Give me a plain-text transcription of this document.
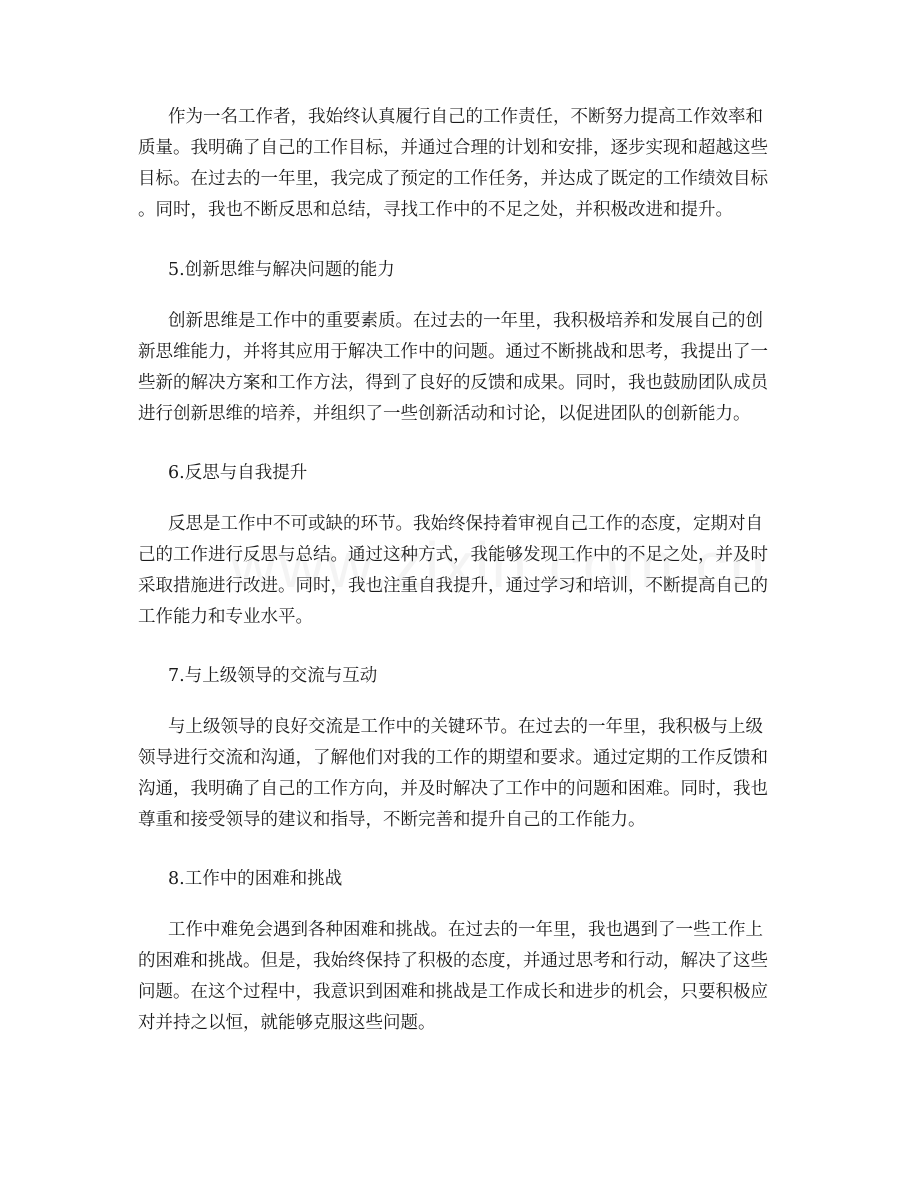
作为一名工作者，我始终认真履行自己的工作责任，不断努力提高工作效率和
质量。我明确了自己的工作目标，并通过合理的计划和安排，逐步实现和超越这些
目标。在过去的一年里，我完成了预定的工作任务，并达成了既定的工作绩效目标
。同时，我也不断反思和总结，寻找工作中的不足之处，并积极改进和提升。
5.创新思维与解决问题的能力
创新思维是工作中的重要素质。在过去的一年里，我积极培养和发展自己的创
新思维能力，并将其应用于解决工作中的问题。通过不断挑战和思考，我提出了一
些新的解决方案和工作方法，得到了良好的反馈和成果。同时，我也鼓励团队成员
进行创新思维的培养，并组织了一些创新活动和讨论，以促进团队的创新能力。
6.反思与自我提升
反思是工作中不可或缺的环节。我始终保持着审视自己工作的态度，定期对自
己的工作进行反思与总结。通过这种方式，我能够发现工作中的不足之处，并及时
采取措施进行改进。同时，我也注重自我提升，通过学习和培训，不断提高自己的
工作能力和专业水平。
7.与上级领导的交流与互动
与上级领导的良好交流是工作中的关键环节。在过去的一年里，我积极与上级
领导进行交流和沟通，了解他们对我的工作的期望和要求。通过定期的工作反馈和
沟通，我明确了自己的工作方向，并及时解决了工作中的问题和困难。同时，我也
尊重和接受领导的建议和指导，不断完善和提升自己的工作能力。
8.工作中的困难和挑战
工作中难免会遇到各种困难和挑战。在过去的一年里，我也遇到了一些工作上
的困难和挑战。但是，我始终保持了积极的态度，并通过思考和行动，解决了这些
问题。在这个过程中，我意识到困难和挑战是工作成长和进步的机会，只要积极应
对并持之以恒，就能够克服这些问题。
